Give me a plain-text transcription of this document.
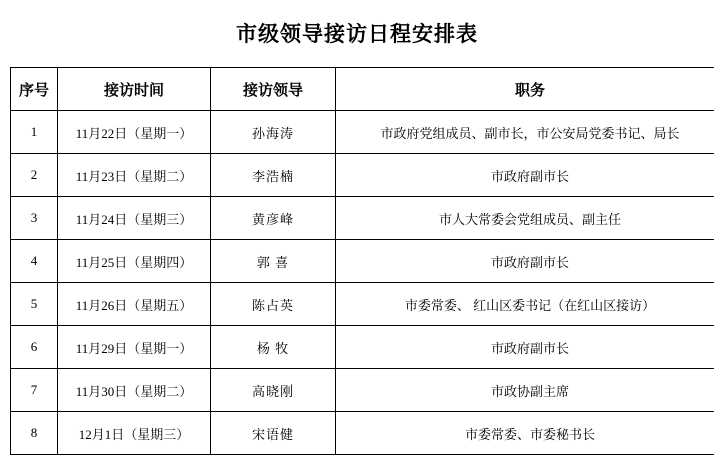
市级领导接访日程安排表
序号	接访时间	接访领导	职务
1	11月22日（星期一）	孙海涛	市政府党组成员、副市长，市公安局党委书记、局长
2	11月23日（星期二）	李浩楠	市政府副市长
3	11月24日（星期三）	黄彦峰	市人大常委会党组成员、副主任
4	11月25日（星期四）	郭 喜	市政府副市长
5	11月26日（星期五）	陈占英	市委常委、 红山区委书记（在红山区接访）
6	11月29日（星期一）	杨 牧	市政府副市长
7	11月30日（星期二）	高晓刚	市政协副主席
8	12月1日（星期三）	宋语健	市委常委、市委秘书长
